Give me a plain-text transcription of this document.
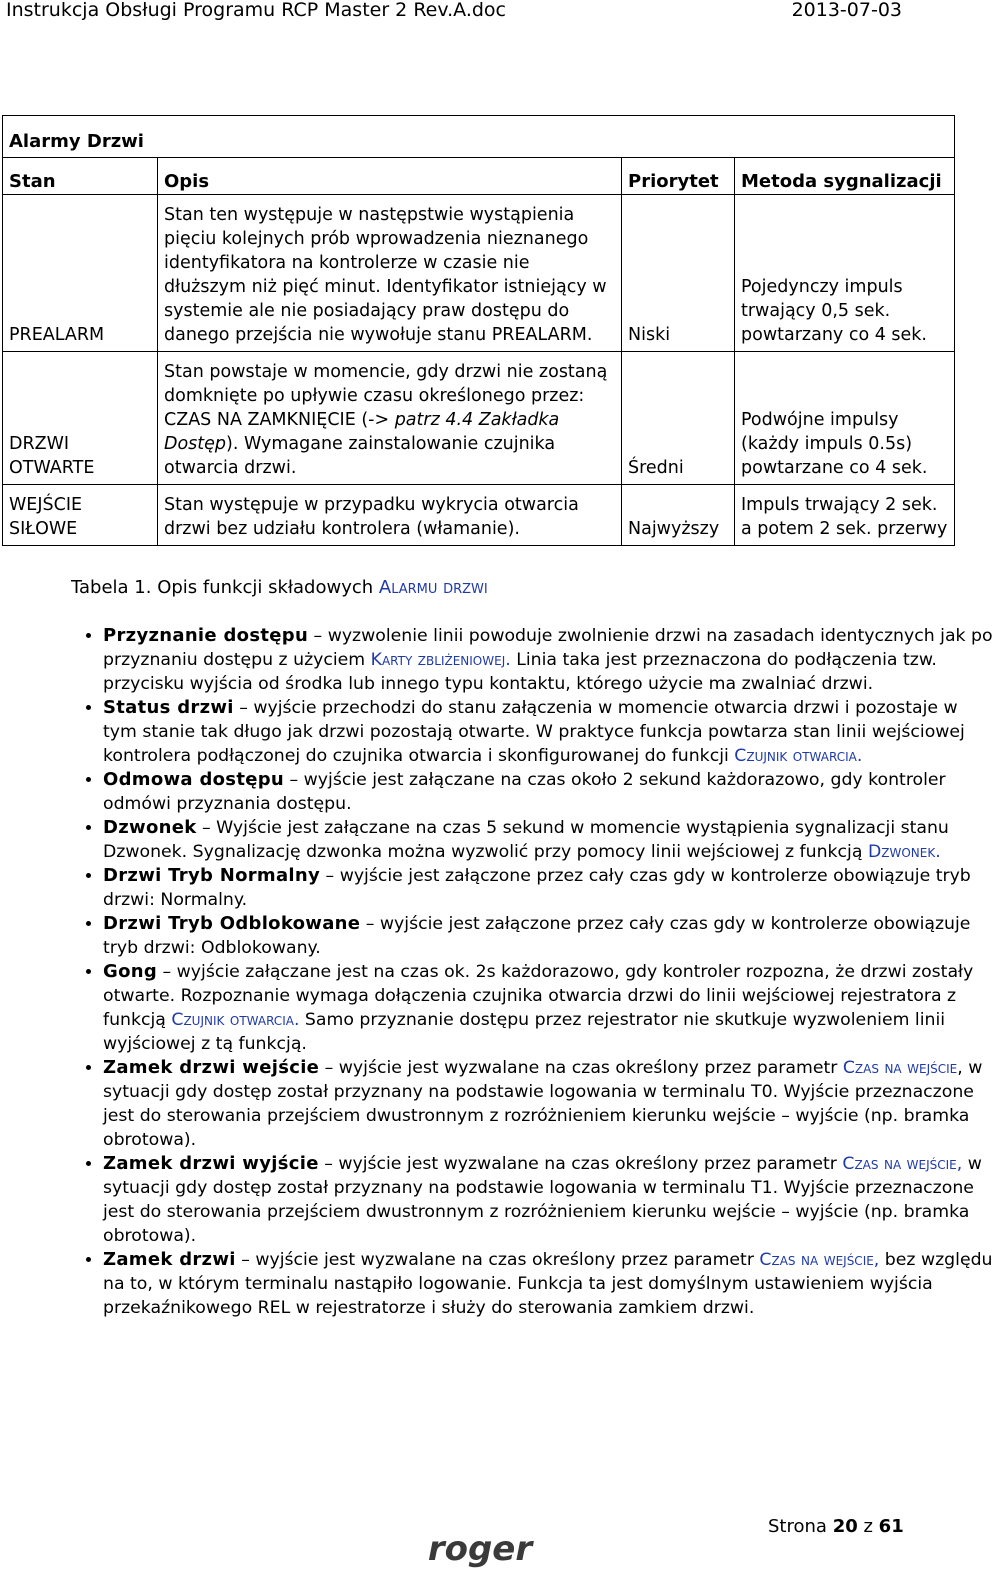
Instrukcja Obsługi Programu RCP Master 2 Rev.A.doc	2013-07-03
Alarmy Drzwi			
Stan	Opis	Priorytet	Metoda sygnalizacji
PREALARM	Stan ten występuje w następstwie wystąpienia pięciu kolejnych prób wprowadzenia nieznanego identyfikatora na kontrolerze w czasie nie dłuższym niż pięć minut. Identyfikator istniejący w systemie ale nie posiadający praw dostępu do danego przejścia nie wywołuje stanu PREALARM.	Niski	Pojedynczy impuls trwający 0,5 sek. powtarzany co 4 sek.
DRZWI OTWARTE	Stan powstaje w momencie, gdy drzwi nie zostaną domknięte po upływie czasu określonego przez: CZAS NA ZAMKNIĘCIE (-> patrz 4.4 Zakładka Dostęp). Wymagane zainstalowanie czujnika otwarcia drzwi.	Średni	Podwójne impulsy (każdy impuls 0.5s) powtarzane co 4 sek.
WEJŚCIE SIŁOWE	Stan występuje w przypadku wykrycia otwarcia drzwi bez udziału kontrolera (włamanie).	Najwyższy	Impuls trwający 2 sek. a potem 2 sek. przerwy
Tabela 1. Opis funkcji składowych Alarmu drzwi
• Przyznanie dostępu – wyzwolenie linii powoduje zwolnienie drzwi na zasadach identycznych jak po przyznaniu dostępu z użyciem Karty zbliżeniowej. Linia taka jest przeznaczona do podłączenia tzw. przycisku wyjścia od środka lub innego typu kontaktu, którego użycie ma zwalniać drzwi.
• Status drzwi – wyjście przechodzi do stanu załączenia w momencie otwarcia drzwi i pozostaje w tym stanie tak długo jak drzwi pozostają otwarte. W praktyce funkcja powtarza stan linii wejściowej kontrolera podłączonej do czujnika otwarcia i skonfigurowanej do funkcji Czujnik otwarcia.
• Odmowa dostępu – wyjście jest załączane na czas około 2 sekund każdorazowo, gdy kontroler odmówi przyznania dostępu.
• Dzwonek – Wyjście jest załączane na czas 5 sekund w momencie wystąpienia sygnalizacji stanu Dzwonek. Sygnalizację dzwonka można wyzwolić przy pomocy linii wejściowej z funkcją Dzwonek.
• Drzwi Tryb Normalny – wyjście jest załączone przez cały czas gdy w kontrolerze obowiązuje tryb drzwi: Normalny.
• Drzwi Tryb Odblokowane – wyjście jest załączone przez cały czas gdy w kontrolerze obowiązuje tryb drzwi: Odblokowany.
• Gong – wyjście załączane jest na czas ok. 2s każdorazowo, gdy kontroler rozpozna, że drzwi zostały otwarte. Rozpoznanie wymaga dołączenia czujnika otwarcia drzwi do linii wejściowej rejestratora z funkcją Czujnik otwarcia. Samo przyznanie dostępu przez rejestrator nie skutkuje wyzwoleniem linii wyjściowej z tą funkcją.
• Zamek drzwi wejście – wyjście jest wyzwalane na czas określony przez parametr Czas na wejście, w sytuacji gdy dostęp został przyznany na podstawie logowania w terminalu T0. Wyjście przeznaczone jest do sterowania przejściem dwustronnym z rozróżnieniem kierunku wejście – wyjście (np. bramka obrotowa).
• Zamek drzwi wyjście – wyjście jest wyzwalane na czas określony przez parametr Czas na wejście, w sytuacji gdy dostęp został przyznany na podstawie logowania w terminalu T1. Wyjście przeznaczone jest do sterowania przejściem dwustronnym z rozróżnieniem kierunku wejście – wyjście (np. bramka obrotowa).
• Zamek drzwi – wyjście jest wyzwalane na czas określony przez parametr Czas na wejście, bez względu na to, w którym terminalu nastąpiło logowanie. Funkcja ta jest domyślnym ustawieniem wyjścia przekaźnikowego REL w rejestratorze i służy do sterowania zamkiem drzwi.
Strona 20 z 61
roger
